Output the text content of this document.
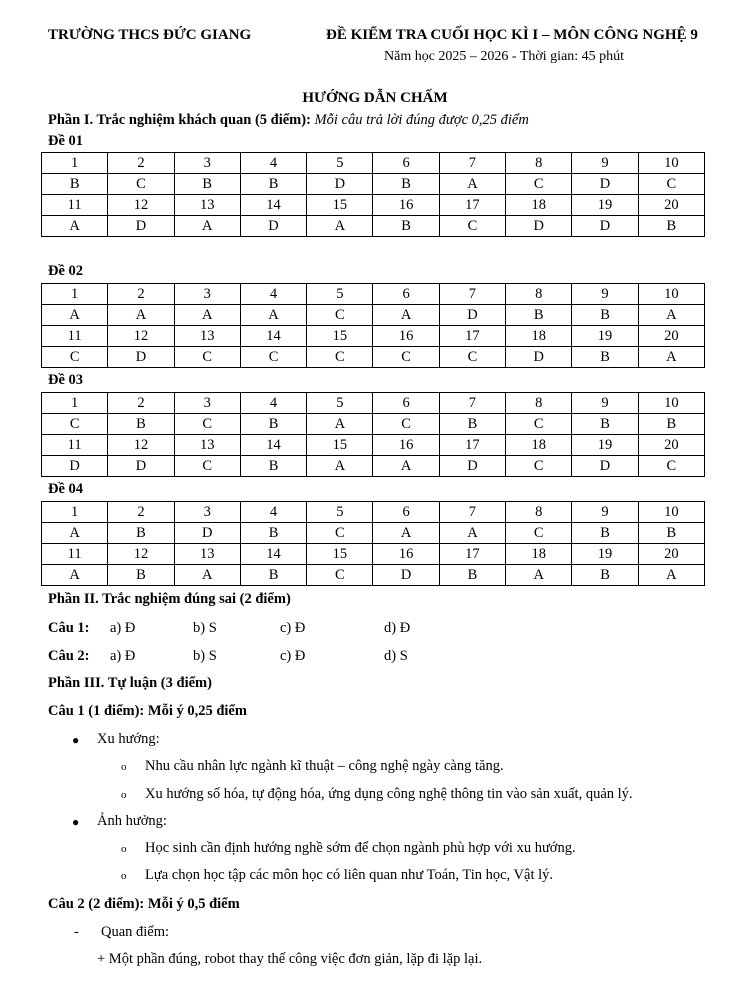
TRƯỜNG THCS ĐỨC GIANG	ĐỀ KIỂM TRA CUỐI HỌC KÌ I – MÔN CÔNG NGHỆ 9
Năm học 2025 – 2026 - Thời gian: 45 phút
HƯỚNG DẪN CHẤM
Phần I. Trắc nghiệm khách quan (5 điểm): Mỗi câu trả lời đúng được 0,25 điểm
Đề 01
1	2	3	4	5	6	7	8	9	10
B	C	B	B	D	B	A	C	D	C
11	12	13	14	15	16	17	18	19	20
A	D	A	D	A	B	C	D	D	B
Đề 02
1	2	3	4	5	6	7	8	9	10
A	A	A	A	C	A	D	B	B	A
11	12	13	14	15	16	17	18	19	20
C	D	C	C	C	C	C	D	B	A
Đề 03
1	2	3	4	5	6	7	8	9	10
C	B	C	B	A	C	B	C	B	B
11	12	13	14	15	16	17	18	19	20
D	D	C	B	A	A	D	C	D	C
Đề 04
1	2	3	4	5	6	7	8	9	10
A	B	D	B	C	A	A	C	B	B
11	12	13	14	15	16	17	18	19	20
A	B	A	B	C	D	B	A	B	A
Phần II. Trắc nghiệm đúng sai (2 điểm)
Câu 1: a) Đ	b) S	c) Đ	d) Đ
Câu 2: a) Đ	b) S	c) Đ	d) S
Phần III. Tự luận (3 điểm)
Câu 1 (1 điểm): Mỗi ý 0,25 điểm
● Xu hướng:
o Nhu cầu nhân lực ngành kĩ thuật – công nghệ ngày càng tăng.
o Xu hướng số hóa, tự động hóa, ứng dụng công nghệ thông tin vào sản xuất, quản lý.
● Ảnh hưởng:
o Học sinh cần định hướng nghề sớm để chọn ngành phù hợp với xu hướng.
o Lựa chọn học tập các môn học có liên quan như Toán, Tin học, Vật lý.
Câu 2 (2 điểm): Mỗi ý 0,5 điểm
- Quan điểm:
+ Một phần đúng, robot thay thế công việc đơn giản, lặp đi lặp lại.
